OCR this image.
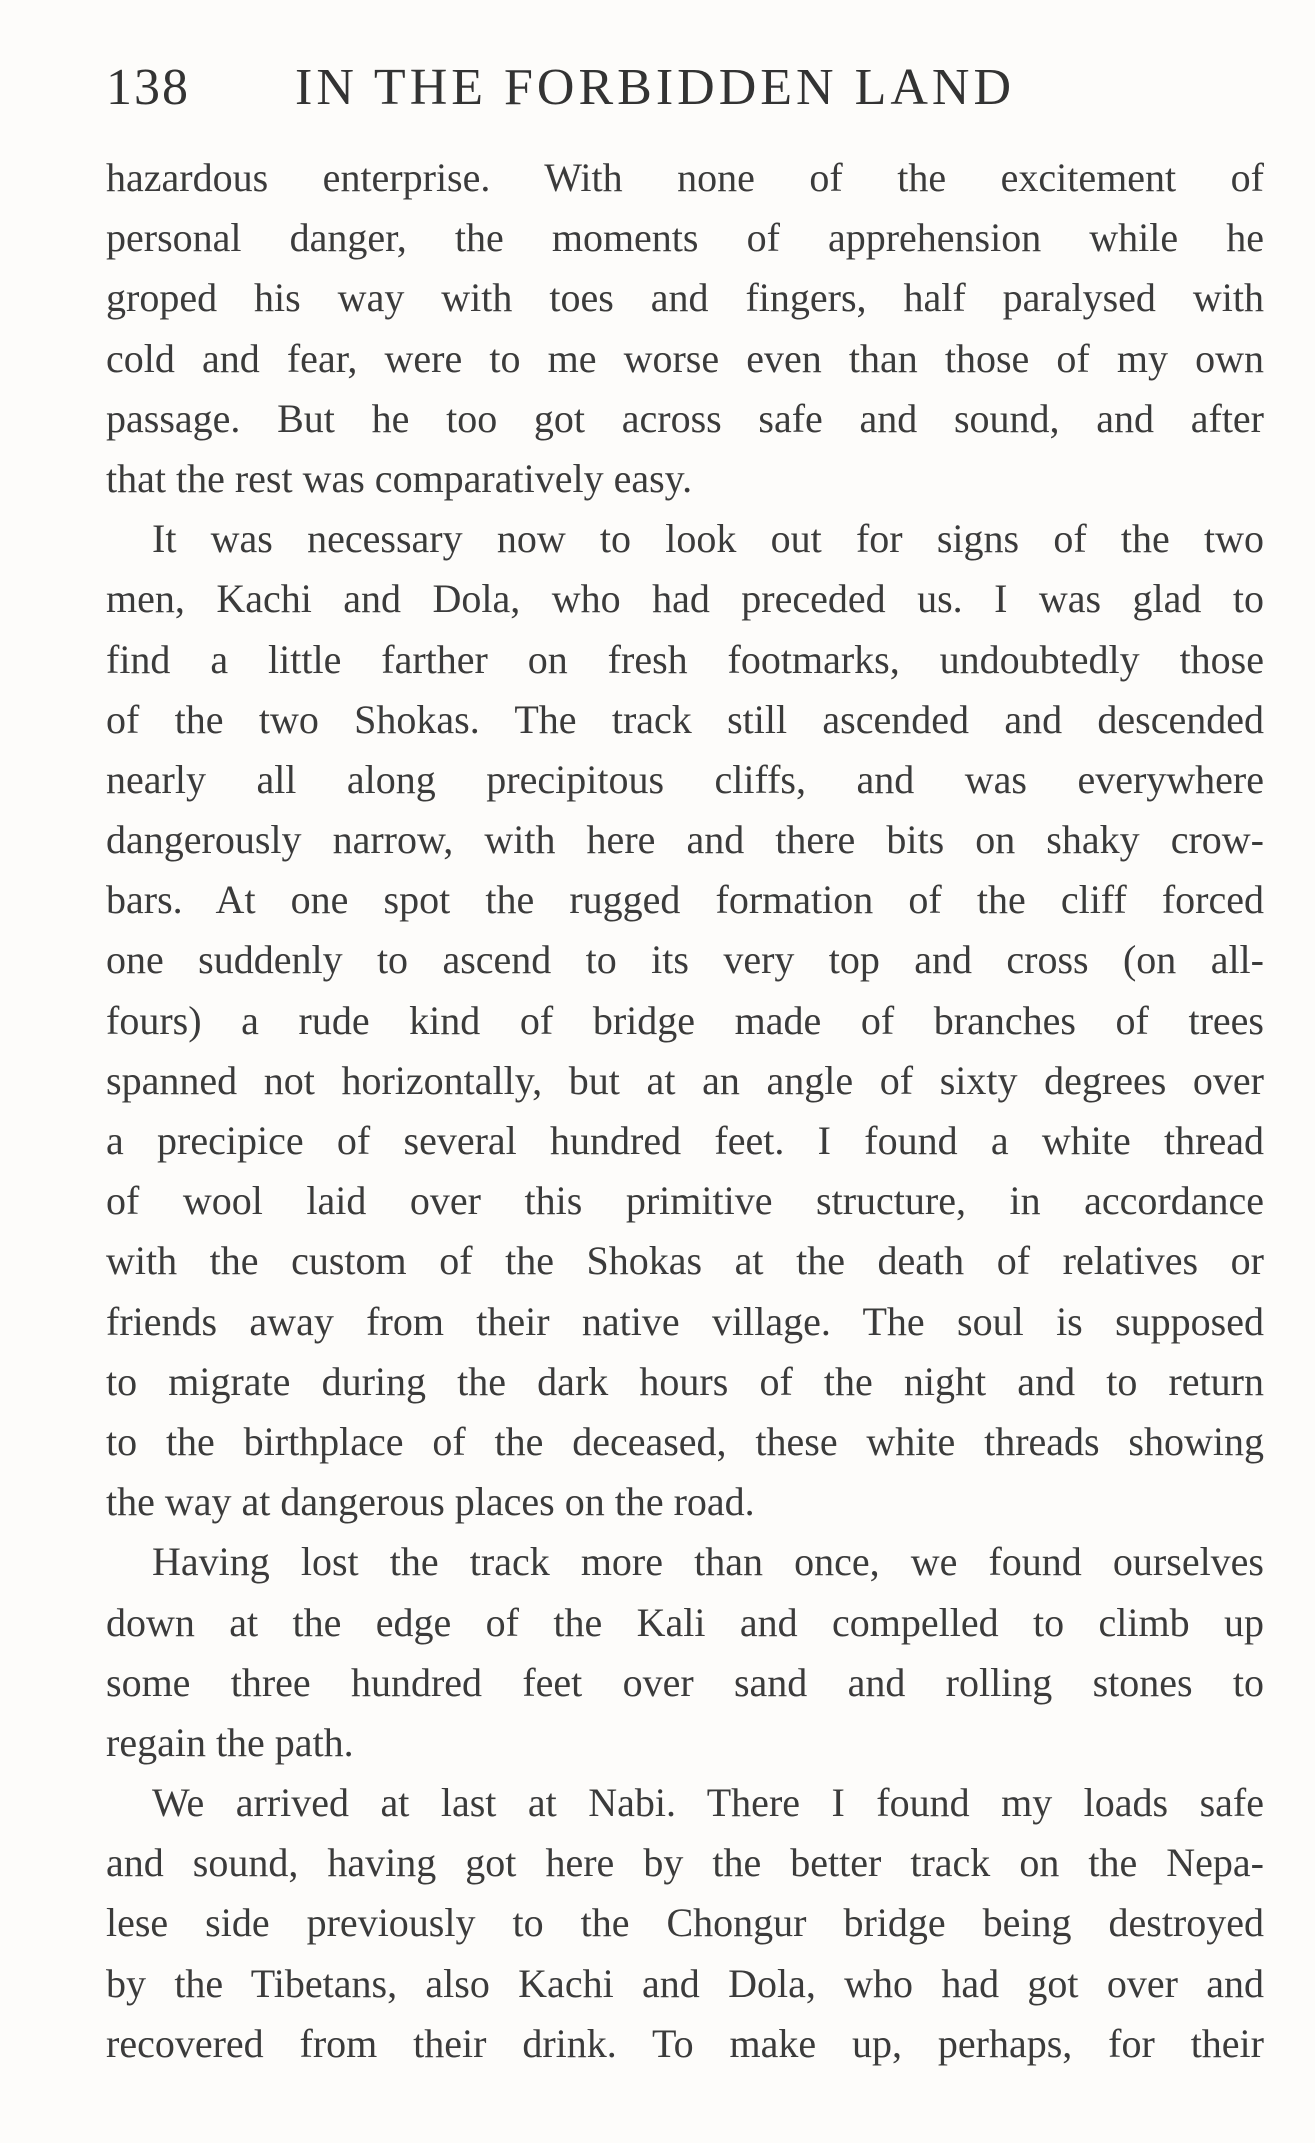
138 IN THE FORBIDDEN LAND
hazardous enterprise. With none of the excitement of
personal danger, the moments of apprehension while he
groped his way with toes and fingers, half paralysed with
cold and fear, were to me worse even than those of my own
passage. But he too got across safe and sound, and after
that the rest was comparatively easy.
It was necessary now to look out for signs of the two
men, Kachi and Dola, who had preceded us. I was glad to
find a little farther on fresh footmarks, undoubtedly those
of the two Shokas. The track still ascended and descended
nearly all along precipitous cliffs, and was everywhere
dangerously narrow, with here and there bits on shaky crow-
bars. At one spot the rugged formation of the cliff forced
one suddenly to ascend to its very top and cross (on all-
fours) a rude kind of bridge made of branches of trees
spanned not horizontally, but at an angle of sixty degrees over
a precipice of several hundred feet. I found a white thread
of wool laid over this primitive structure, in accordance
with the custom of the Shokas at the death of relatives or
friends away from their native village. The soul is supposed
to migrate during the dark hours of the night and to return
to the birthplace of the deceased, these white threads showing
the way at dangerous places on the road.
Having lost the track more than once, we found ourselves
down at the edge of the Kali and compelled to climb up
some three hundred feet over sand and rolling stones to
regain the path.
We arrived at last at Nabi. There I found my loads safe
and sound, having got here by the better track on the Nepa-
lese side previously to the Chongur bridge being destroyed
by the Tibetans, also Kachi and Dola, who had got over and
recovered from their drink. To make up, perhaps, for their
